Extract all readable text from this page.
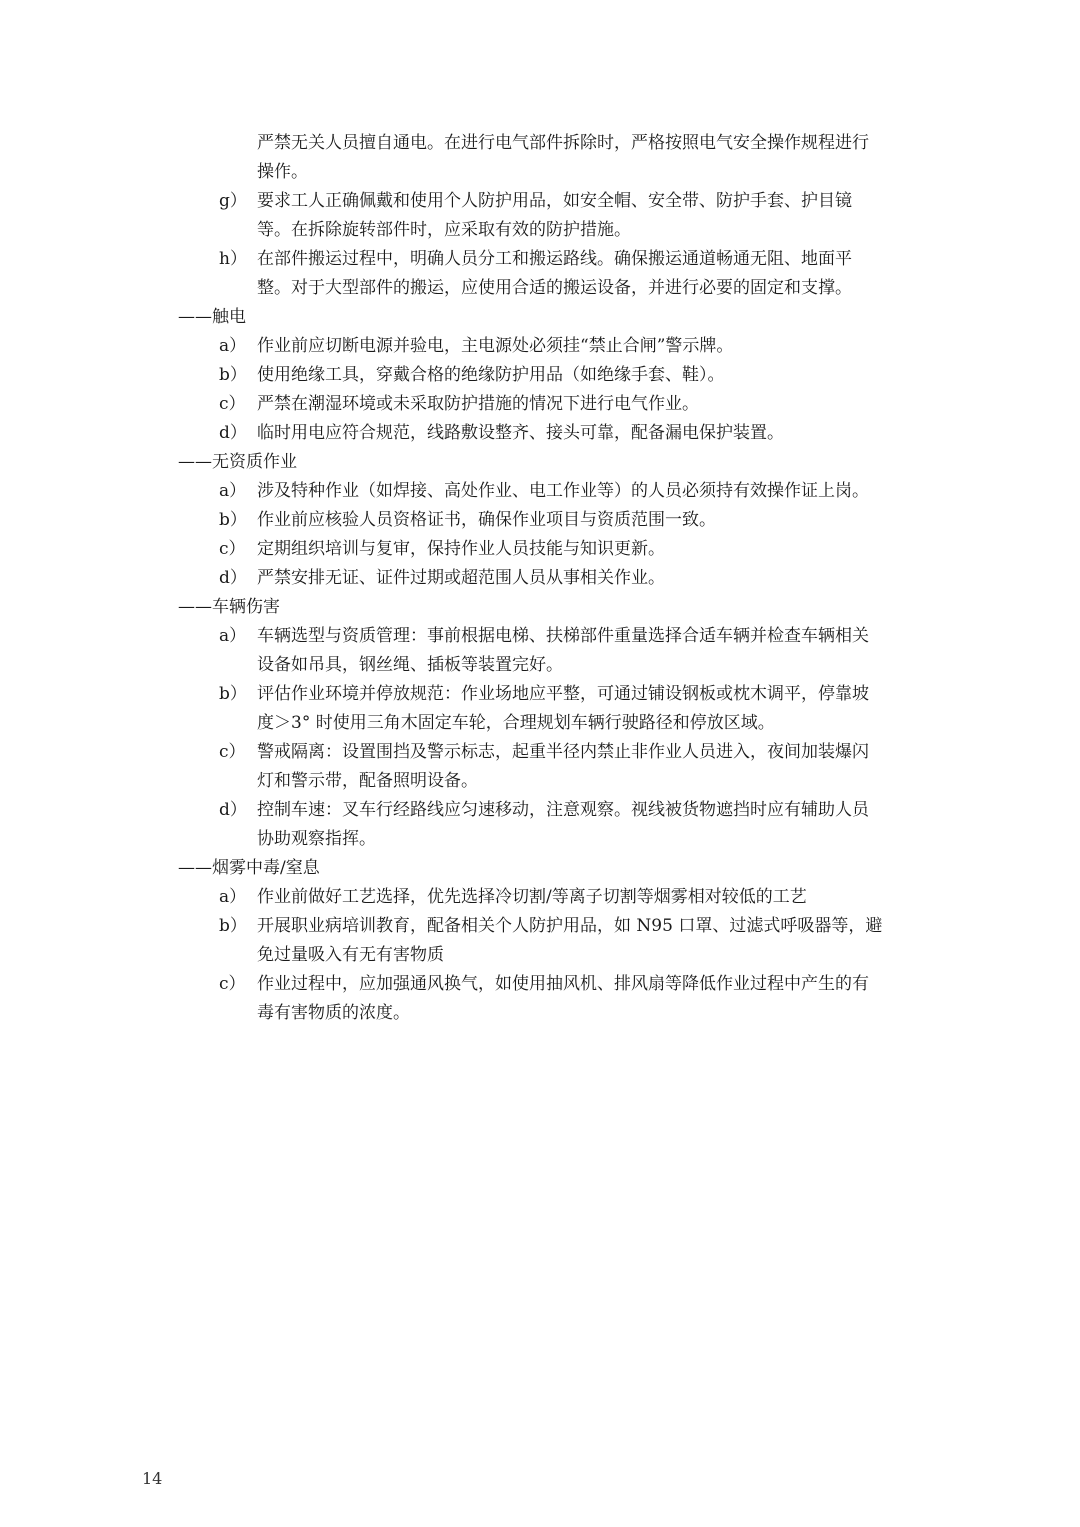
严禁无关人员擅自通电。在进行电气部件拆除时，严格按照电气安全操作规程进行
操作。
g） 要求工人正确佩戴和使用个人防护用品，如安全帽、安全带、防护手套、护目镜
等。在拆除旋转部件时，应采取有效的防护措施。
h） 在部件搬运过程中，明确人员分工和搬运路线。确保搬运通道畅通无阻、地面平
整。对于大型部件的搬运，应使用合适的搬运设备，并进行必要的固定和支撑。
——触电
a） 作业前应切断电源并验电，主电源处必须挂“禁止合闸”警示牌。
b） 使用绝缘工具，穿戴合格的绝缘防护用品（如绝缘手套、鞋）。
c） 严禁在潮湿环境或未采取防护措施的情况下进行电气作业。
d） 临时用电应符合规范，线路敷设整齐、接头可靠，配备漏电保护装置。
——无资质作业
a） 涉及特种作业（如焊接、高处作业、电工作业等）的人员必须持有效操作证上岗。
b） 作业前应核验人员资格证书，确保作业项目与资质范围一致。
c） 定期组织培训与复审，保持作业人员技能与知识更新。
d） 严禁安排无证、证件过期或超范围人员从事相关作业。
——车辆伤害
a） 车辆选型与资质管理：事前根据电梯、扶梯部件重量选择合适车辆并检查车辆相关
设备如吊具，钢丝绳、插板等装置完好。
b） 评估作业环境并停放规范：作业场地应平整，可通过铺设钢板或枕木调平，停靠坡
度＞3° 时使用三角木固定车轮，合理规划车辆行驶路径和停放区域。
c） 警戒隔离：设置围挡及警示标志，起重半径内禁止非作业人员进入，夜间加装爆闪
灯和警示带，配备照明设备。
d） 控制车速：叉车行经路线应匀速移动，注意观察。视线被货物遮挡时应有辅助人员
协助观察指挥。
——烟雾中毒/窒息
a） 作业前做好工艺选择，优先选择冷切割/等离子切割等烟雾相对较低的工艺
b） 开展职业病培训教育，配备相关个人防护用品，如 N95 口罩、过滤式呼吸器等，避
免过量吸入有无有害物质
c） 作业过程中，应加强通风换气，如使用抽风机、排风扇等降低作业过程中产生的有
毒有害物质的浓度。
14
